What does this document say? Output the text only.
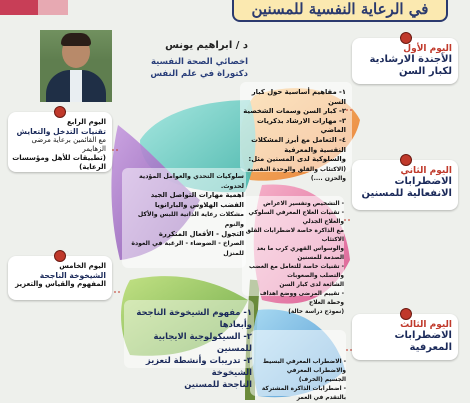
في الرعاية النفسية للمسنين
د / ابراهيم يونس
اخصائي الصحة النفسية
دكتوراة في علم النفس
اليوم الأول
الأجندة الارشادية لكبار السن
١- مفاهيم أساسية حول كبار السن
٢- كبار السن وسمات الشخصية
٣- مهارات الارشاد بذكريات الماضي
٤- التعامل مع أبرز المشكلات النفسية والمعرفية
والسلوكية لدى المسنين مثل:
(الاكتئاب والقلق والوحدة النفسية والحزن ....)
اليوم الرابع
تقنيات التدخل والتعايش
مع القائمين برعاية مرضى الزهايمر
(تطبيقات للأهل ومؤسسات الرعاية)
سلوكيات التحدي والعوامل المؤدية لحدوث.
اهمية مهارات التواصل الجيد
الفضب الهلاوس والبارانويا
مشكلات رعاية الذاتية اللبس والأكل والنوم
التجول - الأفعال المتكررة
الصراخ - الضوضاء - الرغبة في العودة للمنزل
اليوم الثاني
الاضطرابات الانفعالية للمسنين
- التشخيص وتفسير الاعراض
- تقنيات العلاج المعرفي السلوكي والعلاج الجدلي
مع الذاكرة خاصة لاضطرابات القلق الاكتئاب
والوسواس القهري كرب ما بعد الصدمة للمسنين
- تقنيات خاصة للتعامل مع الغضب والتصلب والصعوبات
الشائعة لدى كبار السن
- تقييم المرضى ووضع اهداف وخطة العلاج
(نموذج دراسة حالة)
اليوم الخامس
الشيخوخة الناجحة
المفهوم والقياس والتعزيز
١- مفهوم الشيخوخة الناجحة وأبعادها
٢- السيكولوجية الايجابية للمسنين
٣- تدريبات وأنشطة لتعزيز الشيخوخة
الناجحة للمسنين
اليوم الثالث
الاضطرابات المعرفية
- الاضطراب المعرفي البسيط والاضطراب المعرفي
الجسيم (الخرف)
- اضطرابات الذاكرة المشتركة بالتقدم في العمر
